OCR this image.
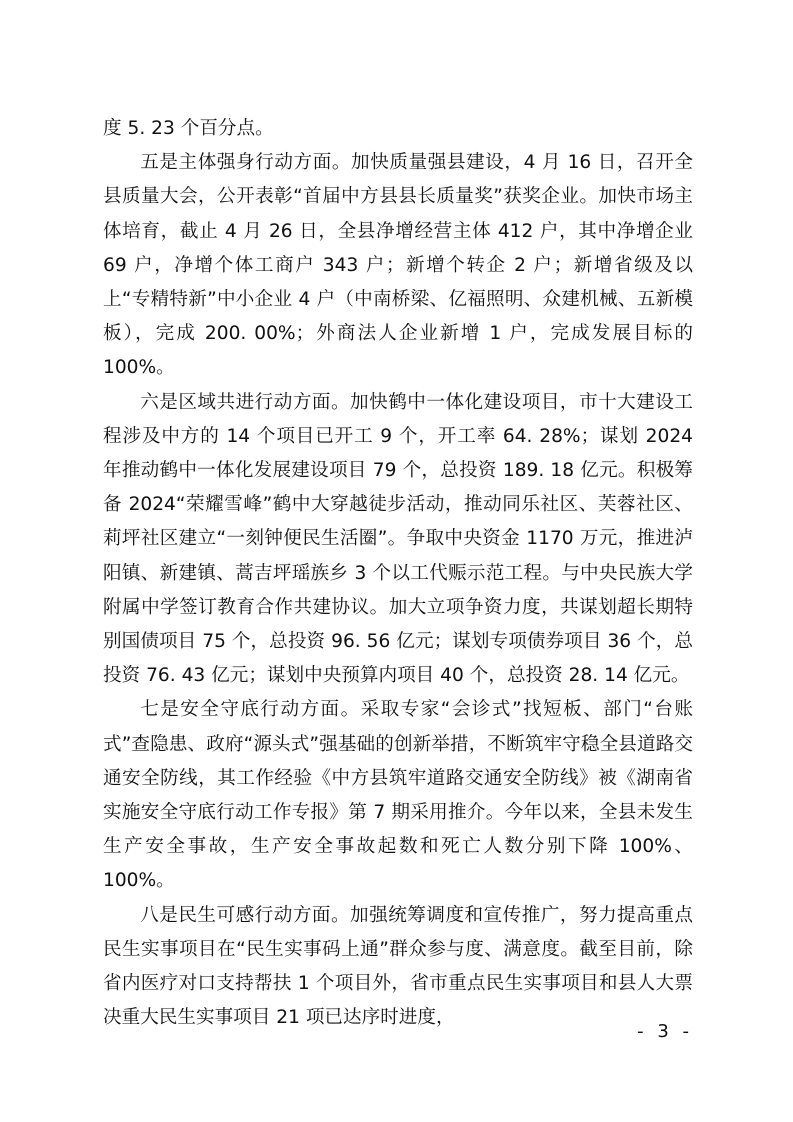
度 5. 23 个百分点。

五是主体强身行动方面。加快质量强县建设，4 月 16 日，召开全县质量大会，公开表彰“首届中方县县长质量奖”获奖企业。加快市场主体培育，截止 4 月 26 日，全县净增经营主体 412 户，其中净增企业 69 户，净增个体工商户 343 户；新增个转企 2 户；新增省级及以上“专精特新”中小企业 4 户（中南桥梁、亿福照明、众建机械、五新模板），完成 200. 00%；外商法人企业新增 1 户，完成发展目标的 100%。

六是区域共进行动方面。加快鹤中一体化建设项目，市十大建设工程涉及中方的 14 个项目已开工 9 个，开工率 64. 28%；谋划 2024 年推动鹤中一体化发展建设项目 79 个，总投资 189. 18 亿元。积极筹备 2024“荣耀雪峰”鹤中大穿越徒步活动，推动同乐社区、芙蓉社区、莉坪社区建立“一刻钟便民生活圈”。争取中央资金 1170 万元，推进泸阳镇、新建镇、蒿吉坪瑶族乡 3 个以工代赈示范工程。与中央民族大学附属中学签订教育合作共建协议。加大立项争资力度，共谋划超长期特别国债项目 75 个，总投资 96. 56 亿元；谋划专项债券项目 36 个，总投资 76. 43 亿元；谋划中央预算内项目 40 个，总投资 28. 14 亿元。

七是安全守底行动方面。采取专家“会诊式”找短板、部门“台账式”查隐患、政府“源头式”强基础的创新举措，不断筑牢守稳全县道路交通安全防线，其工作经验《中方县筑牢道路交通安全防线》被《湖南省实施安全守底行动工作专报》第 7 期采用推介。今年以来，全县未发生生产安全事故，生产安全事故起数和死亡人数分别下降 100%、100%。

八是民生可感行动方面。加强统筹调度和宣传推广，努力提高重点民生实事项目在“民生实事码上通”群众参与度、满意度。截至目前，除省内医疗对口支持帮扶 1 个项目外，省市重点民生实事项目和县人大票决重大民生实事项目 21 项已达序时进度，

- 3 -
